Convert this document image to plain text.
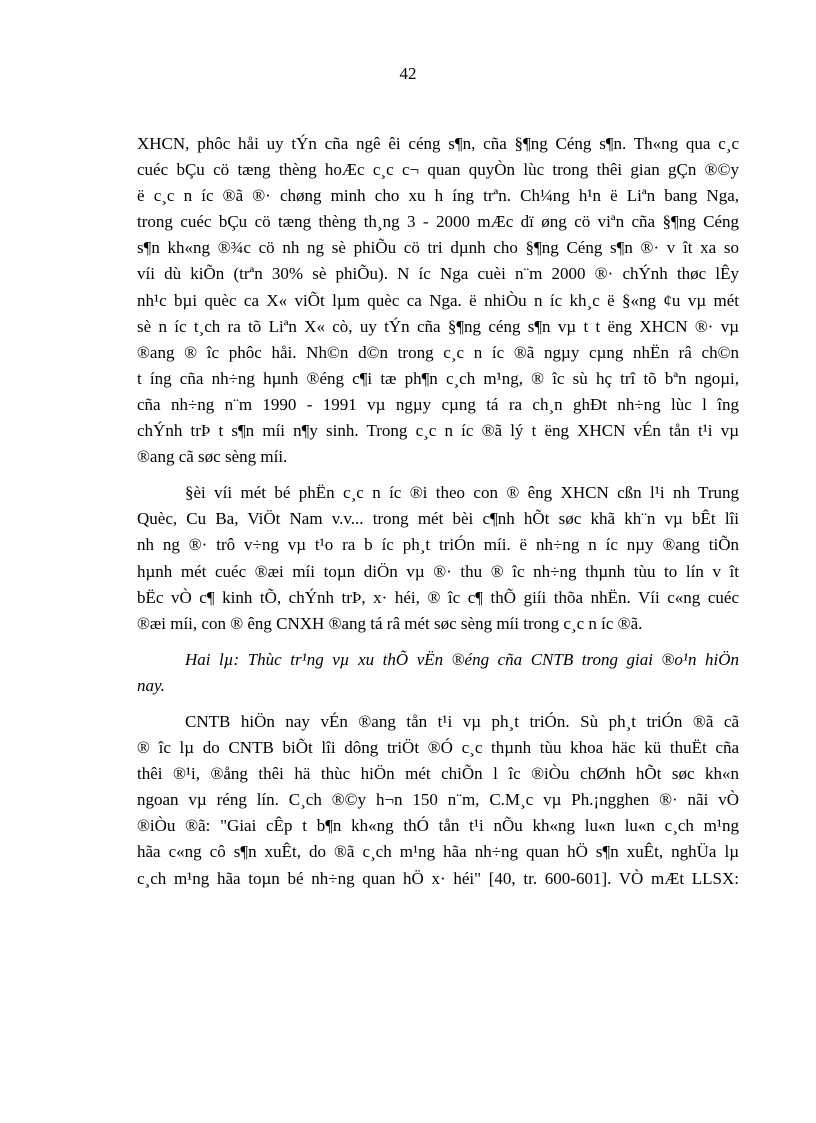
42
XHCN, phôc håi uy tÝn cña ngê êi céng s¶n, cña §¶ng Céng s¶n. Th«ng qua c¸c
cuéc bÇu cö tæng thèng hoÆc c¸c c¬ quan quyÒn lùc trong thêi gian gÇn ®©y
ë c¸c n íc ®ã ®· chøng minh cho xu h íng trªn. Ch¼ng h¹n ë Liªn bang Nga,
trong cuéc bÇu cö tæng thèng th¸ng 3 - 2000 mÆc dï øng cö viªn cña §¶ng Céng
s¶n kh«ng ®¾c cö nh ng sè phiÕu cö tri dµnh cho §¶ng Céng s¶n ®· v ît xa so
víi dù kiÕn (trªn 30% sè phiÕu). N íc Nga cuèi n¨m 2000 ®· chÝnh thøc lÊy
nh¹c bµi quèc ca X« viÕt lµm quèc ca Nga. ë nhiÒu n íc kh¸c ë §«ng ¢u vµ mét
sè n íc t¸ch ra tõ Liªn X« cò, uy tÝn cña §¶ng céng s¶n vµ t t ëng XHCN ®· vµ
®ang ® îc phôc håi. Nh©n d©n trong c¸c n íc ®ã ngµy cµng nhËn râ ch©n
t íng cña nh÷ng hµnh ®éng c¶i tæ ph¶n c¸ch m¹ng, ® îc sù hç trî tõ bªn ngoµi,
cña nh÷ng n¨m 1990 - 1991 vµ ngµy cµng tá ra ch¸n ghÐt nh÷ng lùc l îng
chÝnh trÞ t s¶n míi n¶y sinh. Trong c¸c n íc ®ã lý t ëng XHCN vÉn tån t¹i vµ
®ang cã søc sèng míi.
§èi víi mét bé phËn c¸c n íc ®i theo con ® êng XHCN cßn l¹i nh Trung
Quèc, Cu Ba, ViÖt Nam v.v... trong mét bèi c¶nh hÕt søc khã kh¨n vµ bÊt lîi
nh ng ®· trô v÷ng vµ t¹o ra b íc ph¸t triÓn míi. ë nh÷ng n íc nµy ®ang tiÕn
hµnh mét cuéc ®æi míi toµn diÖn vµ ®· thu ® îc nh÷ng thµnh tùu to lín v ît
bËc vÒ c¶ kinh tÕ, chÝnh trÞ, x· héi, ® îc c¶ thÕ giíi thõa nhËn. Víi c«ng cuéc
®æi míi, con ® êng CNXH ®ang tá râ mét søc sèng míi trong c¸c n íc ®ã.
Hai lµ: Thùc tr¹ng vµ xu thÕ vËn ®éng cña CNTB trong giai ®o¹n hiÖn
nay.
CNTB hiÖn nay vÉn ®ang tån t¹i vµ ph¸t triÓn. Sù ph¸t triÓn ®ã cã
® îc lµ do CNTB biÕt lîi dông triÖt ®Ó c¸c thµnh tùu khoa häc kü thuËt cña
thêi ®¹i, ®ång thêi hä thùc hiÖn mét chiÕn l îc ®iÒu chØnh hÕt søc kh«n
ngoan vµ réng lín. C¸ch ®©y h¬n 150 n¨m, C.M¸c vµ Ph.¡ngghen ®· nãi vÒ
®iÒu ®ã: "Giai cÊp t b¶n kh«ng thÓ tån t¹i nÕu kh«ng lu«n lu«n c¸ch m¹ng
hãa c«ng cô s¶n xuÊt, do ®ã c¸ch m¹ng hãa nh÷ng quan hÖ s¶n xuÊt, nghÜa lµ
c¸ch m¹ng hãa toµn bé nh÷ng quan hÖ x· héi" [40, tr. 600-601]. VÒ mÆt LLSX:
